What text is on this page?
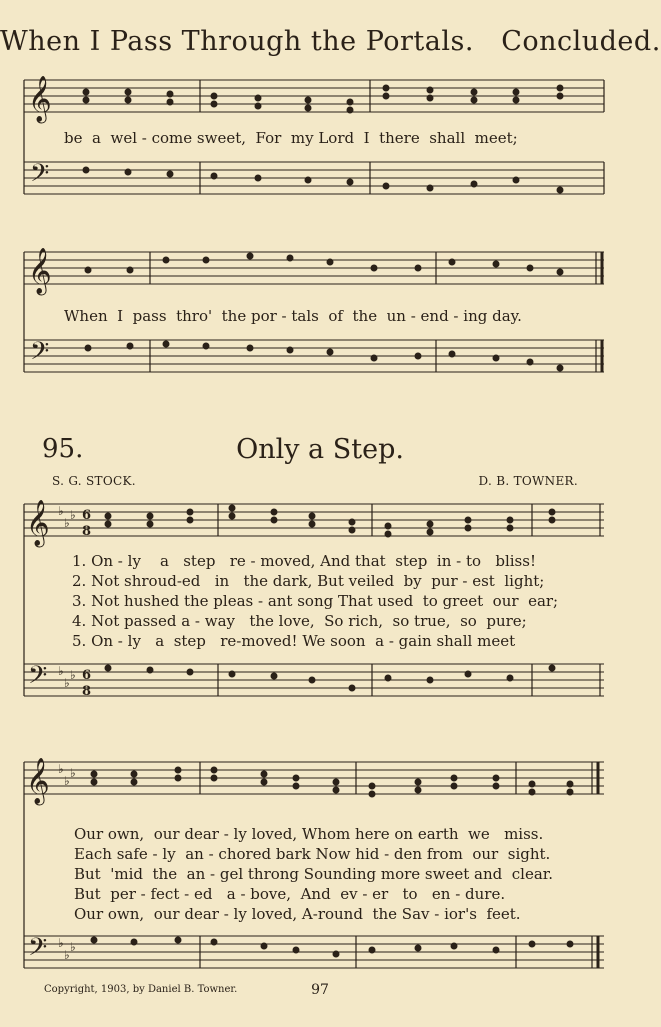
When I Pass Through the Portals. Concluded.
𝄞
𝄢
be  a  wel - come sweet,  For  my Lord  I  there  shall  meet;
𝄞
𝄢
When  I  pass  thro'  the por - tals  of  the  un - end - ing day.
95.	Only a Step.
S. G. STOCK.	D. B. TOWNER.
𝄞
𝄢
♭
♭
♭
♭
♭
♭
6
8
6
8
1. On - ly    a   step   re - moved, And that  step  in - to   bliss!
2. Not shroud-ed   in   the dark, But veiled  by  pur - est  light;
3. Not hushed the pleas - ant song That used  to greet  our  ear;
4. Not passed a - way   the love,  So rich,  so true,  so  pure;
5. On - ly   a  step   re-moved! We soon  a - gain shall meet
𝄞
𝄢
♭
♭
♭
♭
♭
♭
Our own,  our dear - ly loved, Whom here on earth  we   miss.
Each safe - ly  an - chored bark Now hid - den from  our  sight.
But  'mid  the  an - gel throng Sounding more sweet and  clear.
But  per - fect - ed   a - bove,  And  ev - er   to   en - dure.
Our own,  our dear - ly loved, A-round  the Sav - ior's  feet.
Copyright, 1903, by Daniel B. Towner.	97
